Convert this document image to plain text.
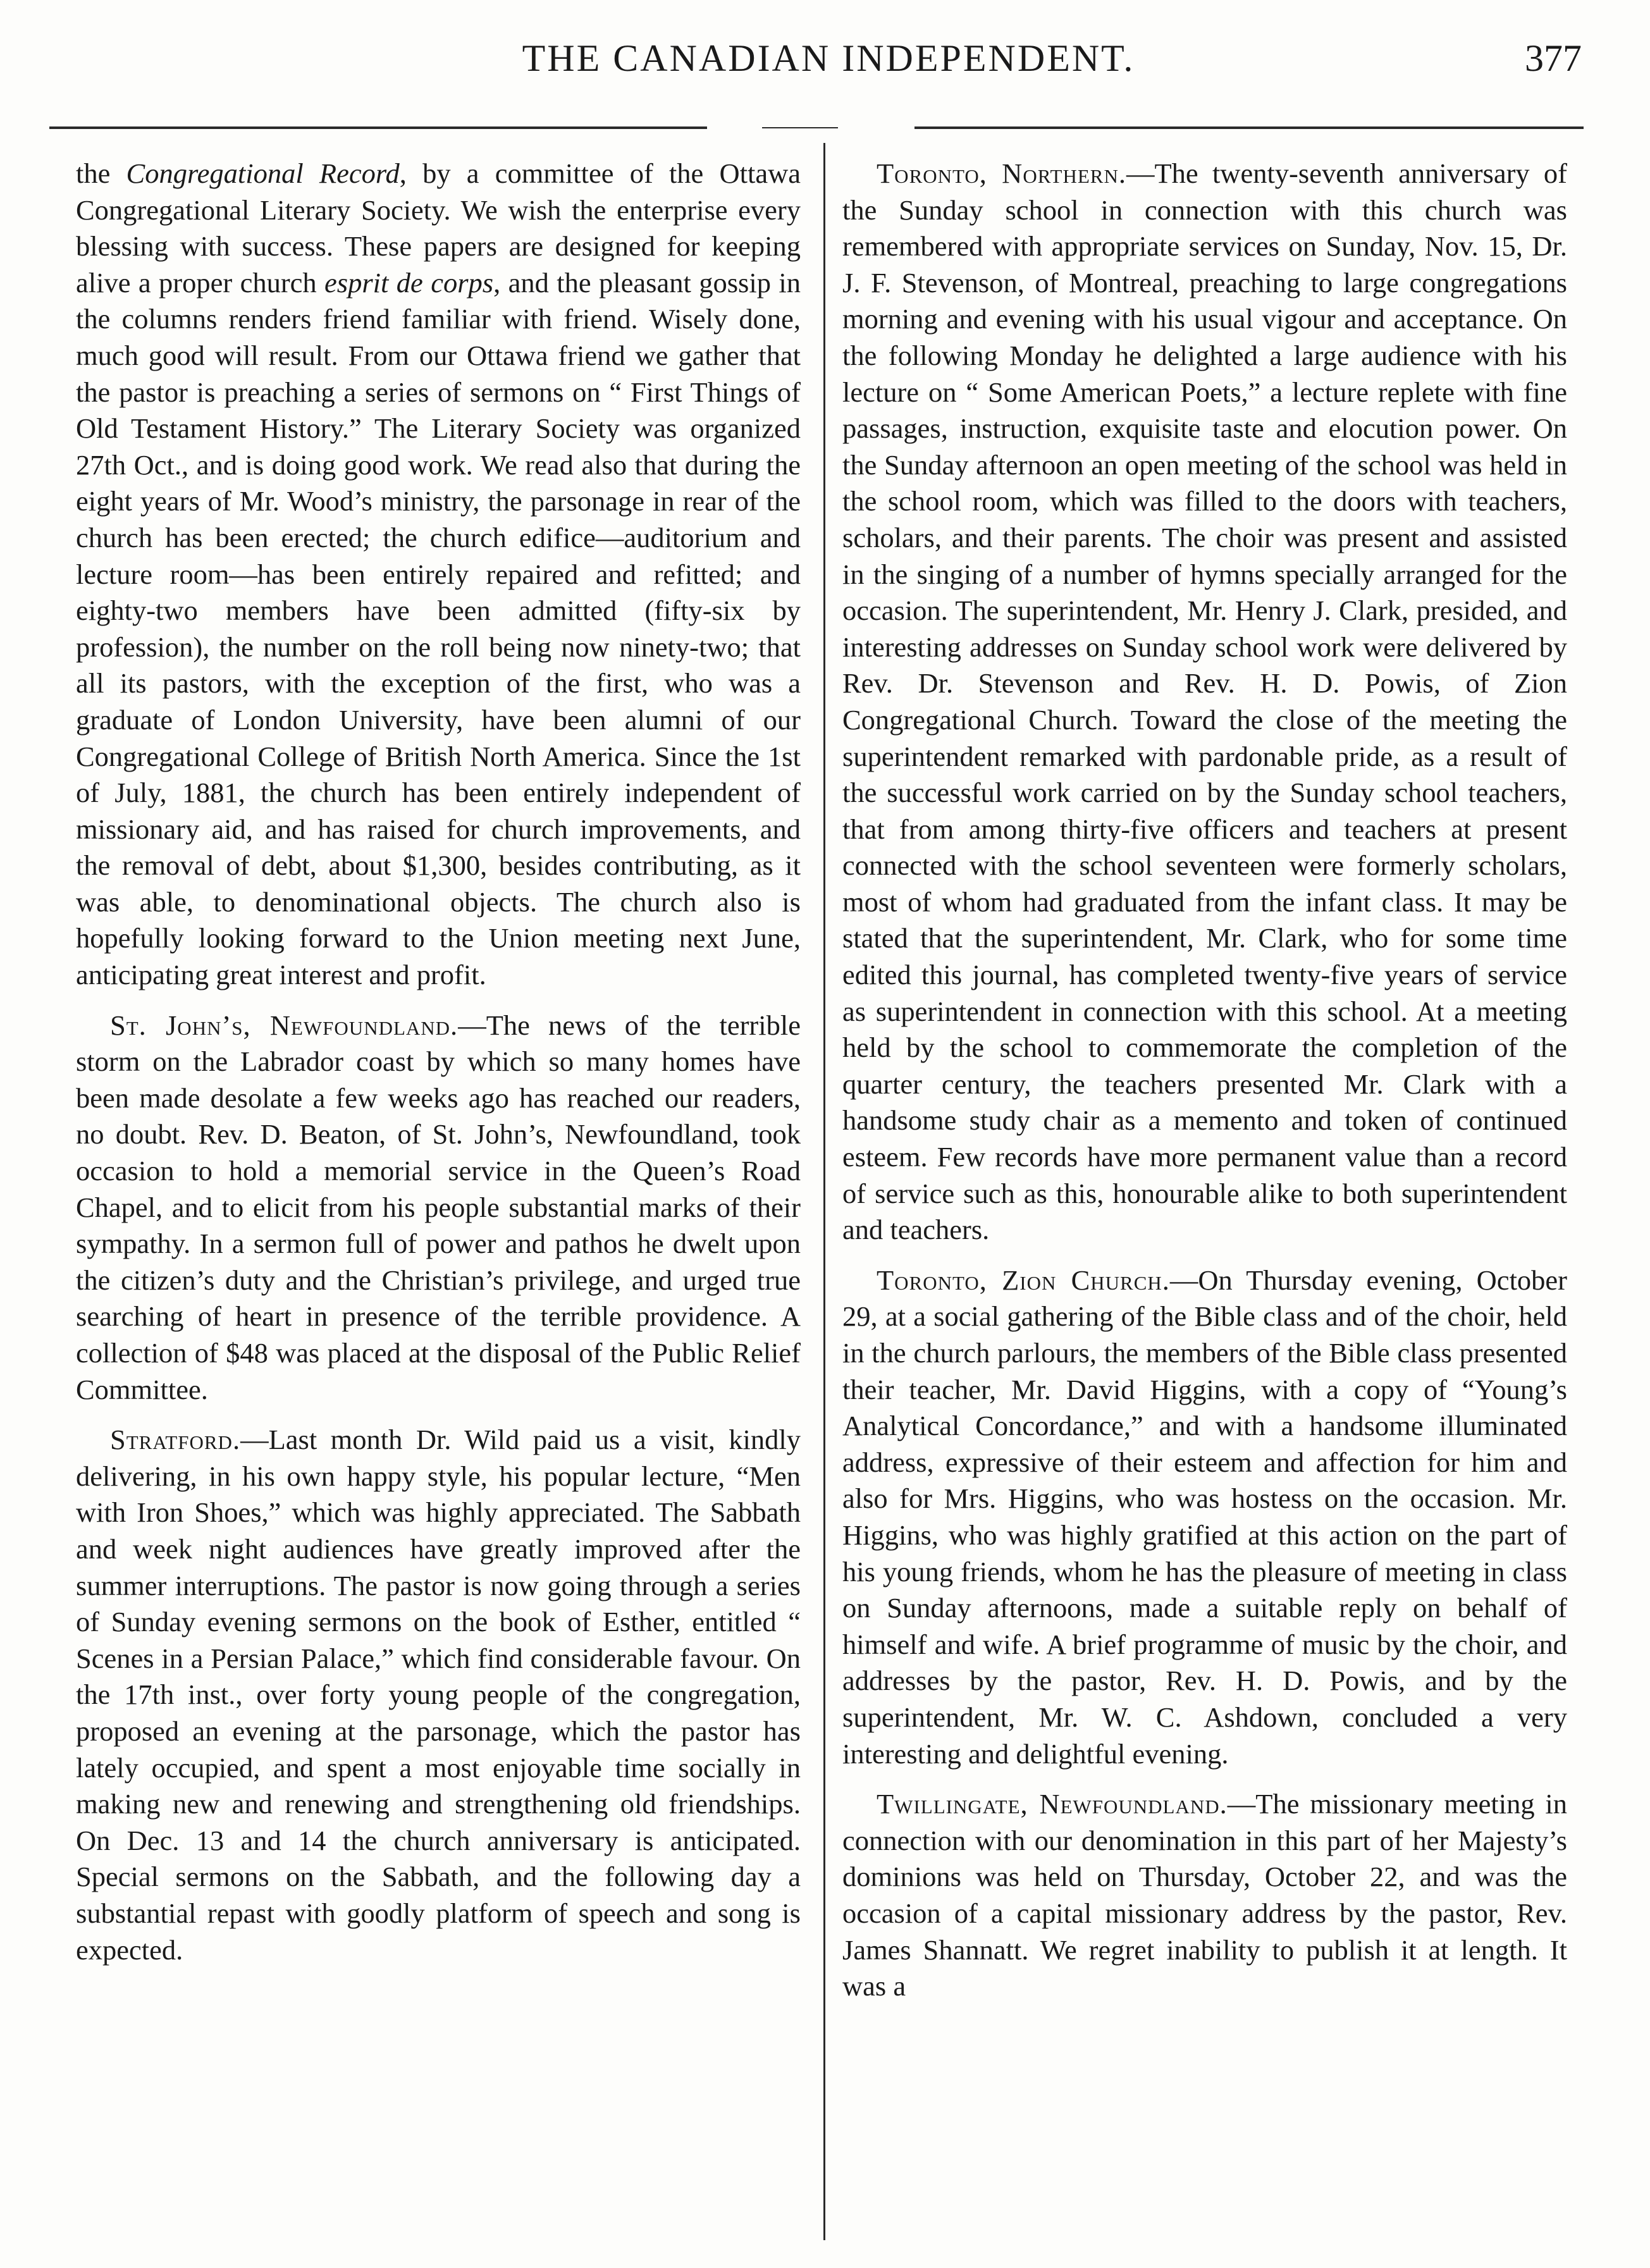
THE CANADIAN INDEPENDENT.	377

the Congregational Record, by a committee of the Ottawa Congregational Literary Society. We wish the enterprise every blessing with success. These papers are designed for keeping alive a proper church esprit de corps, and the pleasant gossip in the columns renders friend familiar with friend. Wisely done, much good will result. From our Ottawa friend we gather that the pastor is preaching a series of sermons on “ First Things of Old Testament History.” The Literary Society was organized 27th Oct., and is doing good work. We read also that during the eight years of Mr. Wood’s ministry, the parsonage in rear of the church has been erected; the church edifice—auditorium and lecture room—has been entirely repaired and refitted; and eighty-two members have been admitted (fifty-six by profession), the number on the roll being now ninety-two; that all its pastors, with the exception of the first, who was a graduate of London University, have been alumni of our Congregational College of British North America. Since the 1st of July, 1881, the church has been entirely independent of missionary aid, and has raised for church improvements, and the removal of debt, about $1,300, besides contributing, as it was able, to denominational objects. The church also is hopefully looking forward to the Union meeting next June, anticipating great interest and profit.

St. John’s, Newfoundland.—The news of the terrible storm on the Labrador coast by which so many homes have been made desolate a few weeks ago has reached our readers, no doubt. Rev. D. Beaton, of St. John’s, Newfoundland, took occasion to hold a memorial service in the Queen’s Road Chapel, and to elicit from his people substantial marks of their sympathy. In a sermon full of power and pathos he dwelt upon the citizen’s duty and the Christian’s privilege, and urged true searching of heart in presence of the terrible providence. A collection of $48 was placed at the disposal of the Public Relief Committee.

Stratford.—Last month Dr. Wild paid us a visit, kindly delivering, in his own happy style, his popular lecture, “Men with Iron Shoes,” which was highly appreciated. The Sabbath and week night audiences have greatly improved after the summer interruptions. The pastor is now going through a series of Sunday evening sermons on the book of Esther, entitled “ Scenes in a Persian Palace,” which find considerable favour. On the 17th inst., over forty young people of the congregation, proposed an evening at the parsonage, which the pastor has lately occupied, and spent a most enjoyable time socially in making new and renewing and strengthening old friendships. On Dec. 13 and 14 the church anniversary is anticipated. Special sermons on the Sabbath, and the following day a substantial repast with goodly platform of speech and song is expected.

Toronto, Northern.—The twenty-seventh anniversary of the Sunday school in connection with this church was remembered with appropriate services on Sunday, Nov. 15, Dr. J. F. Stevenson, of Montreal, preaching to large congregations morning and evening with his usual vigour and acceptance. On the following Monday he delighted a large audience with his lecture on “ Some American Poets,” a lecture replete with fine passages, instruction, exquisite taste and elocution power. On the Sunday afternoon an open meeting of the school was held in the school room, which was filled to the doors with teachers, scholars, and their parents. The choir was present and assisted in the singing of a number of hymns specially arranged for the occasion. The superintendent, Mr. Henry J. Clark, presided, and interesting addresses on Sunday school work were delivered by Rev. Dr. Stevenson and Rev. H. D. Powis, of Zion Congregational Church. Toward the close of the meeting the superintendent remarked with pardonable pride, as a result of the successful work carried on by the Sunday school teachers, that from among thirty-five officers and teachers at present connected with the school seventeen were formerly scholars, most of whom had graduated from the infant class. It may be stated that the superintendent, Mr. Clark, who for some time edited this journal, has completed twenty-five years of service as superintendent in connection with this school. At a meeting held by the school to commemorate the completion of the quarter century, the teachers presented Mr. Clark with a handsome study chair as a memento and token of continued esteem. Few records have more permanent value than a record of service such as this, honourable alike to both superintendent and teachers.

Toronto, Zion Church.—On Thursday evening, October 29, at a social gathering of the Bible class and of the choir, held in the church parlours, the members of the Bible class presented their teacher, Mr. David Higgins, with a copy of “Young’s Analytical Concordance,” and with a handsome illuminated address, expressive of their esteem and affection for him and also for Mrs. Higgins, who was hostess on the occasion. Mr. Higgins, who was highly gratified at this action on the part of his young friends, whom he has the pleasure of meeting in class on Sunday afternoons, made a suitable reply on behalf of himself and wife. A brief programme of music by the choir, and addresses by the pastor, Rev. H. D. Powis, and by the superintendent, Mr. W. C. Ashdown, concluded a very interesting and delightful evening.

Twillingate, Newfoundland.—The missionary meeting in connection with our denomination in this part of her Majesty’s dominions was held on Thursday, October 22, and was the occasion of a capital missionary address by the pastor, Rev. James Shannatt. We regret inability to publish it at length. It was a
